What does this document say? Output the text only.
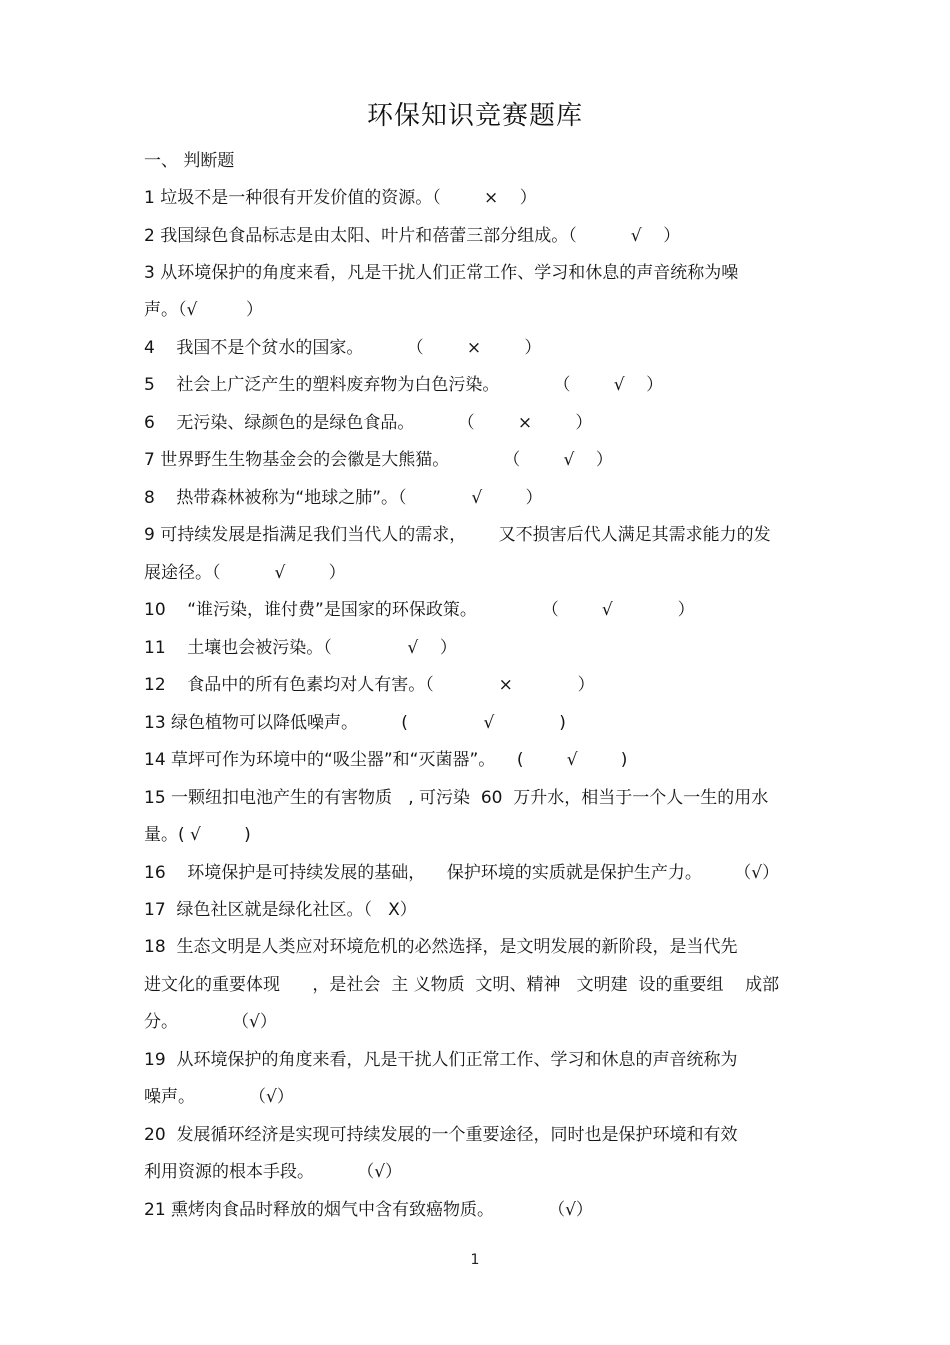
环保知识竞赛题库
一、 判断题
1 垃圾不是一种很有开发价值的资源。（        ×    ）
2 我国绿色食品标志是由太阳、叶片和蓓蕾三部分组成。（          √    ）
3 从环境保护的角度来看，凡是干扰人们正常工作、学习和休息的声音统称为噪
声。（√         ）
4    我国不是个贫水的国家。        （        ×        ）
5    社会上广泛产生的塑料废弃物为白色污染。          （        √    ）
6    无污染、绿颜色的是绿色食品。        （        ×        ）
7 世界野生生物基金会的会徽是大熊猫。          （        √    ）
8    热带森林被称为“地球之肺”。（            √        ）
9 可持续发展是指满足我们当代人的需求，      又不损害后代人满足其需求能力的发
展途径。（          √        ）
10    “谁污染，谁付费”是国家的环保政策。            （        √            ）
11    土壤也会被污染。（              √    ）
12    食品中的所有色素均对人有害。（            ×            ）
13 绿色植物可以降低噪声。        (              √            )
14 草坪可作为环境中的“吸尘器”和“灭菌器”。    (        √        )
15 一颗纽扣电池产生的有害物质   , 可污染  60  万升水，相当于一个人一生的用水
量。( √        )
16    环境保护是可持续发展的基础，    保护环境的实质就是保护生产力。      （√）
17  绿色社区就是绿化社区。（   X）
18  生态文明是人类应对环境危机的必然选择，是文明发展的新阶段，是当代先
进文化的重要体现      ，是社会  主 义物质  文明、精神   文明建  设的重要组    成部
分。          （√）
19  从环境保护的角度来看，凡是干扰人们正常工作、学习和休息的声音统称为
噪声。          （√）
20  发展循环经济是实现可持续发展的一个重要途径，同时也是保护环境和有效
利用资源的根本手段。        （√）
21 熏烤肉食品时释放的烟气中含有致癌物质。          （√）
1
